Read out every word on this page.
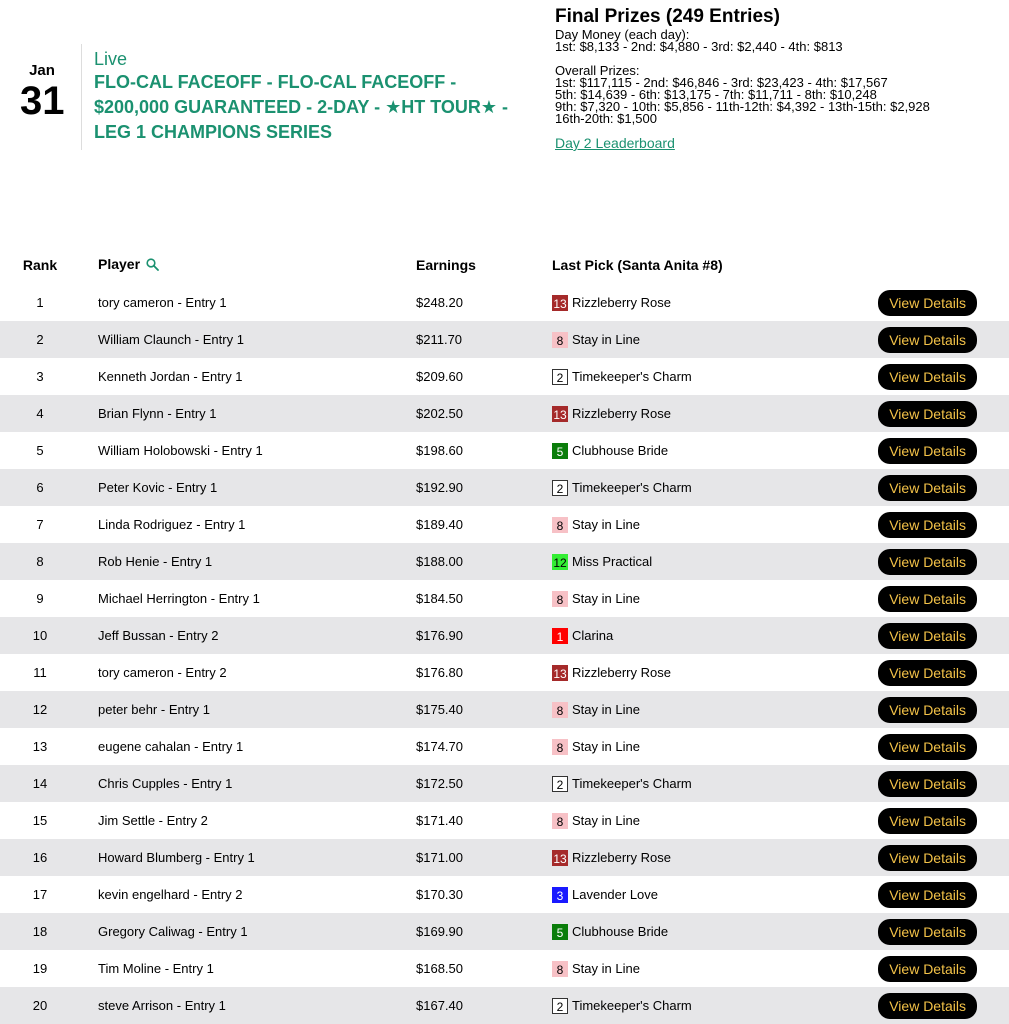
Jan
31
Live
FLO-CAL FACEOFF - FLO-CAL FACEOFF - $200,000 GUARANTEED - 2-DAY - ★HT TOUR★ - LEG 1 CHAMPIONS SERIES
Final Prizes (249 Entries)
Day Money (each day):
1st: $8,133 - 2nd: $4,880 - 3rd: $2,440 - 4th: $813
Overall Prizes:
1st: $117,115 - 2nd: $46,846 - 3rd: $23,423 - 4th: $17,567
5th: $14,639 - 6th: $13,175 - 7th: $11,711 - 8th: $10,248
9th: $7,320 - 10th: $5,856 - 11th-12th: $4,392 - 13th-15th: $2,928
16th-20th: $1,500
Day 2 Leaderboard
Rank	Player	Earnings	Last Pick (Santa Anita #8)	
1	tory cameron - Entry 1	$248.20	13 Rizzleberry Rose	View Details
2	William Claunch - Entry 1	$211.70	8 Stay in Line	View Details
3	Kenneth Jordan - Entry 1	$209.60	2 Timekeeper's Charm	View Details
4	Brian Flynn - Entry 1	$202.50	13 Rizzleberry Rose	View Details
5	William Holobowski - Entry 1	$198.60	5 Clubhouse Bride	View Details
6	Peter Kovic - Entry 1	$192.90	2 Timekeeper's Charm	View Details
7	Linda Rodriguez - Entry 1	$189.40	8 Stay in Line	View Details
8	Rob Henie - Entry 1	$188.00	12 Miss Practical	View Details
9	Michael Herrington - Entry 1	$184.50	8 Stay in Line	View Details
10	Jeff Bussan - Entry 2	$176.90	1 Clarina	View Details
11	tory cameron - Entry 2	$176.80	13 Rizzleberry Rose	View Details
12	peter behr - Entry 1	$175.40	8 Stay in Line	View Details
13	eugene cahalan - Entry 1	$174.70	8 Stay in Line	View Details
14	Chris Cupples - Entry 1	$172.50	2 Timekeeper's Charm	View Details
15	Jim Settle - Entry 2	$171.40	8 Stay in Line	View Details
16	Howard Blumberg - Entry 1	$171.00	13 Rizzleberry Rose	View Details
17	kevin engelhard - Entry 2	$170.30	3 Lavender Love	View Details
18	Gregory Caliwag - Entry 1	$169.90	5 Clubhouse Bride	View Details
19	Tim Moline - Entry 1	$168.50	8 Stay in Line	View Details
20	steve Arrison - Entry 1	$167.40	2 Timekeeper's Charm	View Details
